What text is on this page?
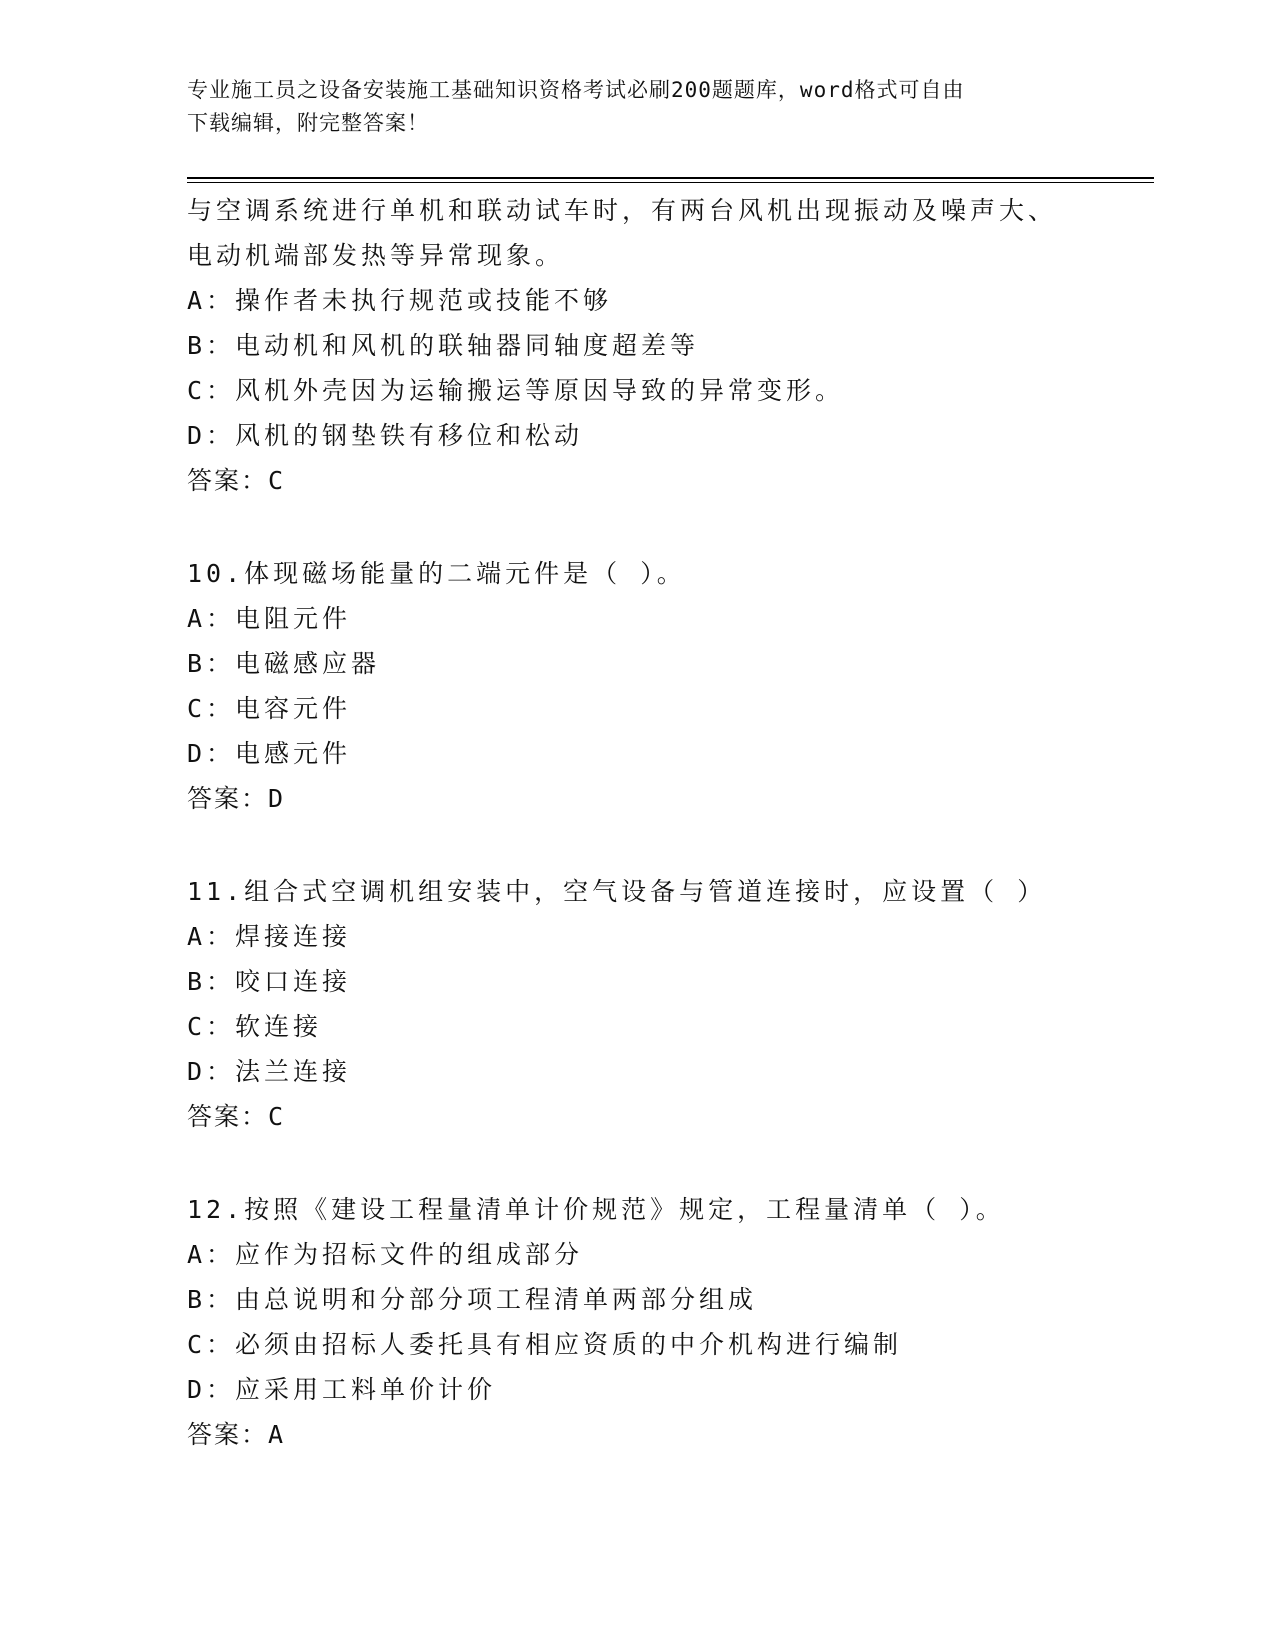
专业施工员之设备安装施工基础知识资格考试必刷200题题库，word格式可自由
下载编辑，附完整答案！
与空调系统进行单机和联动试车时，有两台风机出现振动及噪声大、
电动机端部发热等异常现象。
A：操作者未执行规范或技能不够
B：电动机和风机的联轴器同轴度超差等
C：风机外壳因为运输搬运等原因导致的异常变形。
D：风机的钢垫铁有移位和松动
答案：C
10.体现磁场能量的二端元件是（ ）。
A：电阻元件
B：电磁感应器
C：电容元件
D：电感元件
答案：D
11.组合式空调机组安装中，空气设备与管道连接时，应设置（ ）
A：焊接连接
B：咬口连接
C：软连接
D：法兰连接
答案：C
12.按照《建设工程量清单计价规范》规定，工程量清单（ ）。
A：应作为招标文件的组成部分
B：由总说明和分部分项工程清单两部分组成
C：必须由招标人委托具有相应资质的中介机构进行编制
D：应采用工料单价计价
答案：A
